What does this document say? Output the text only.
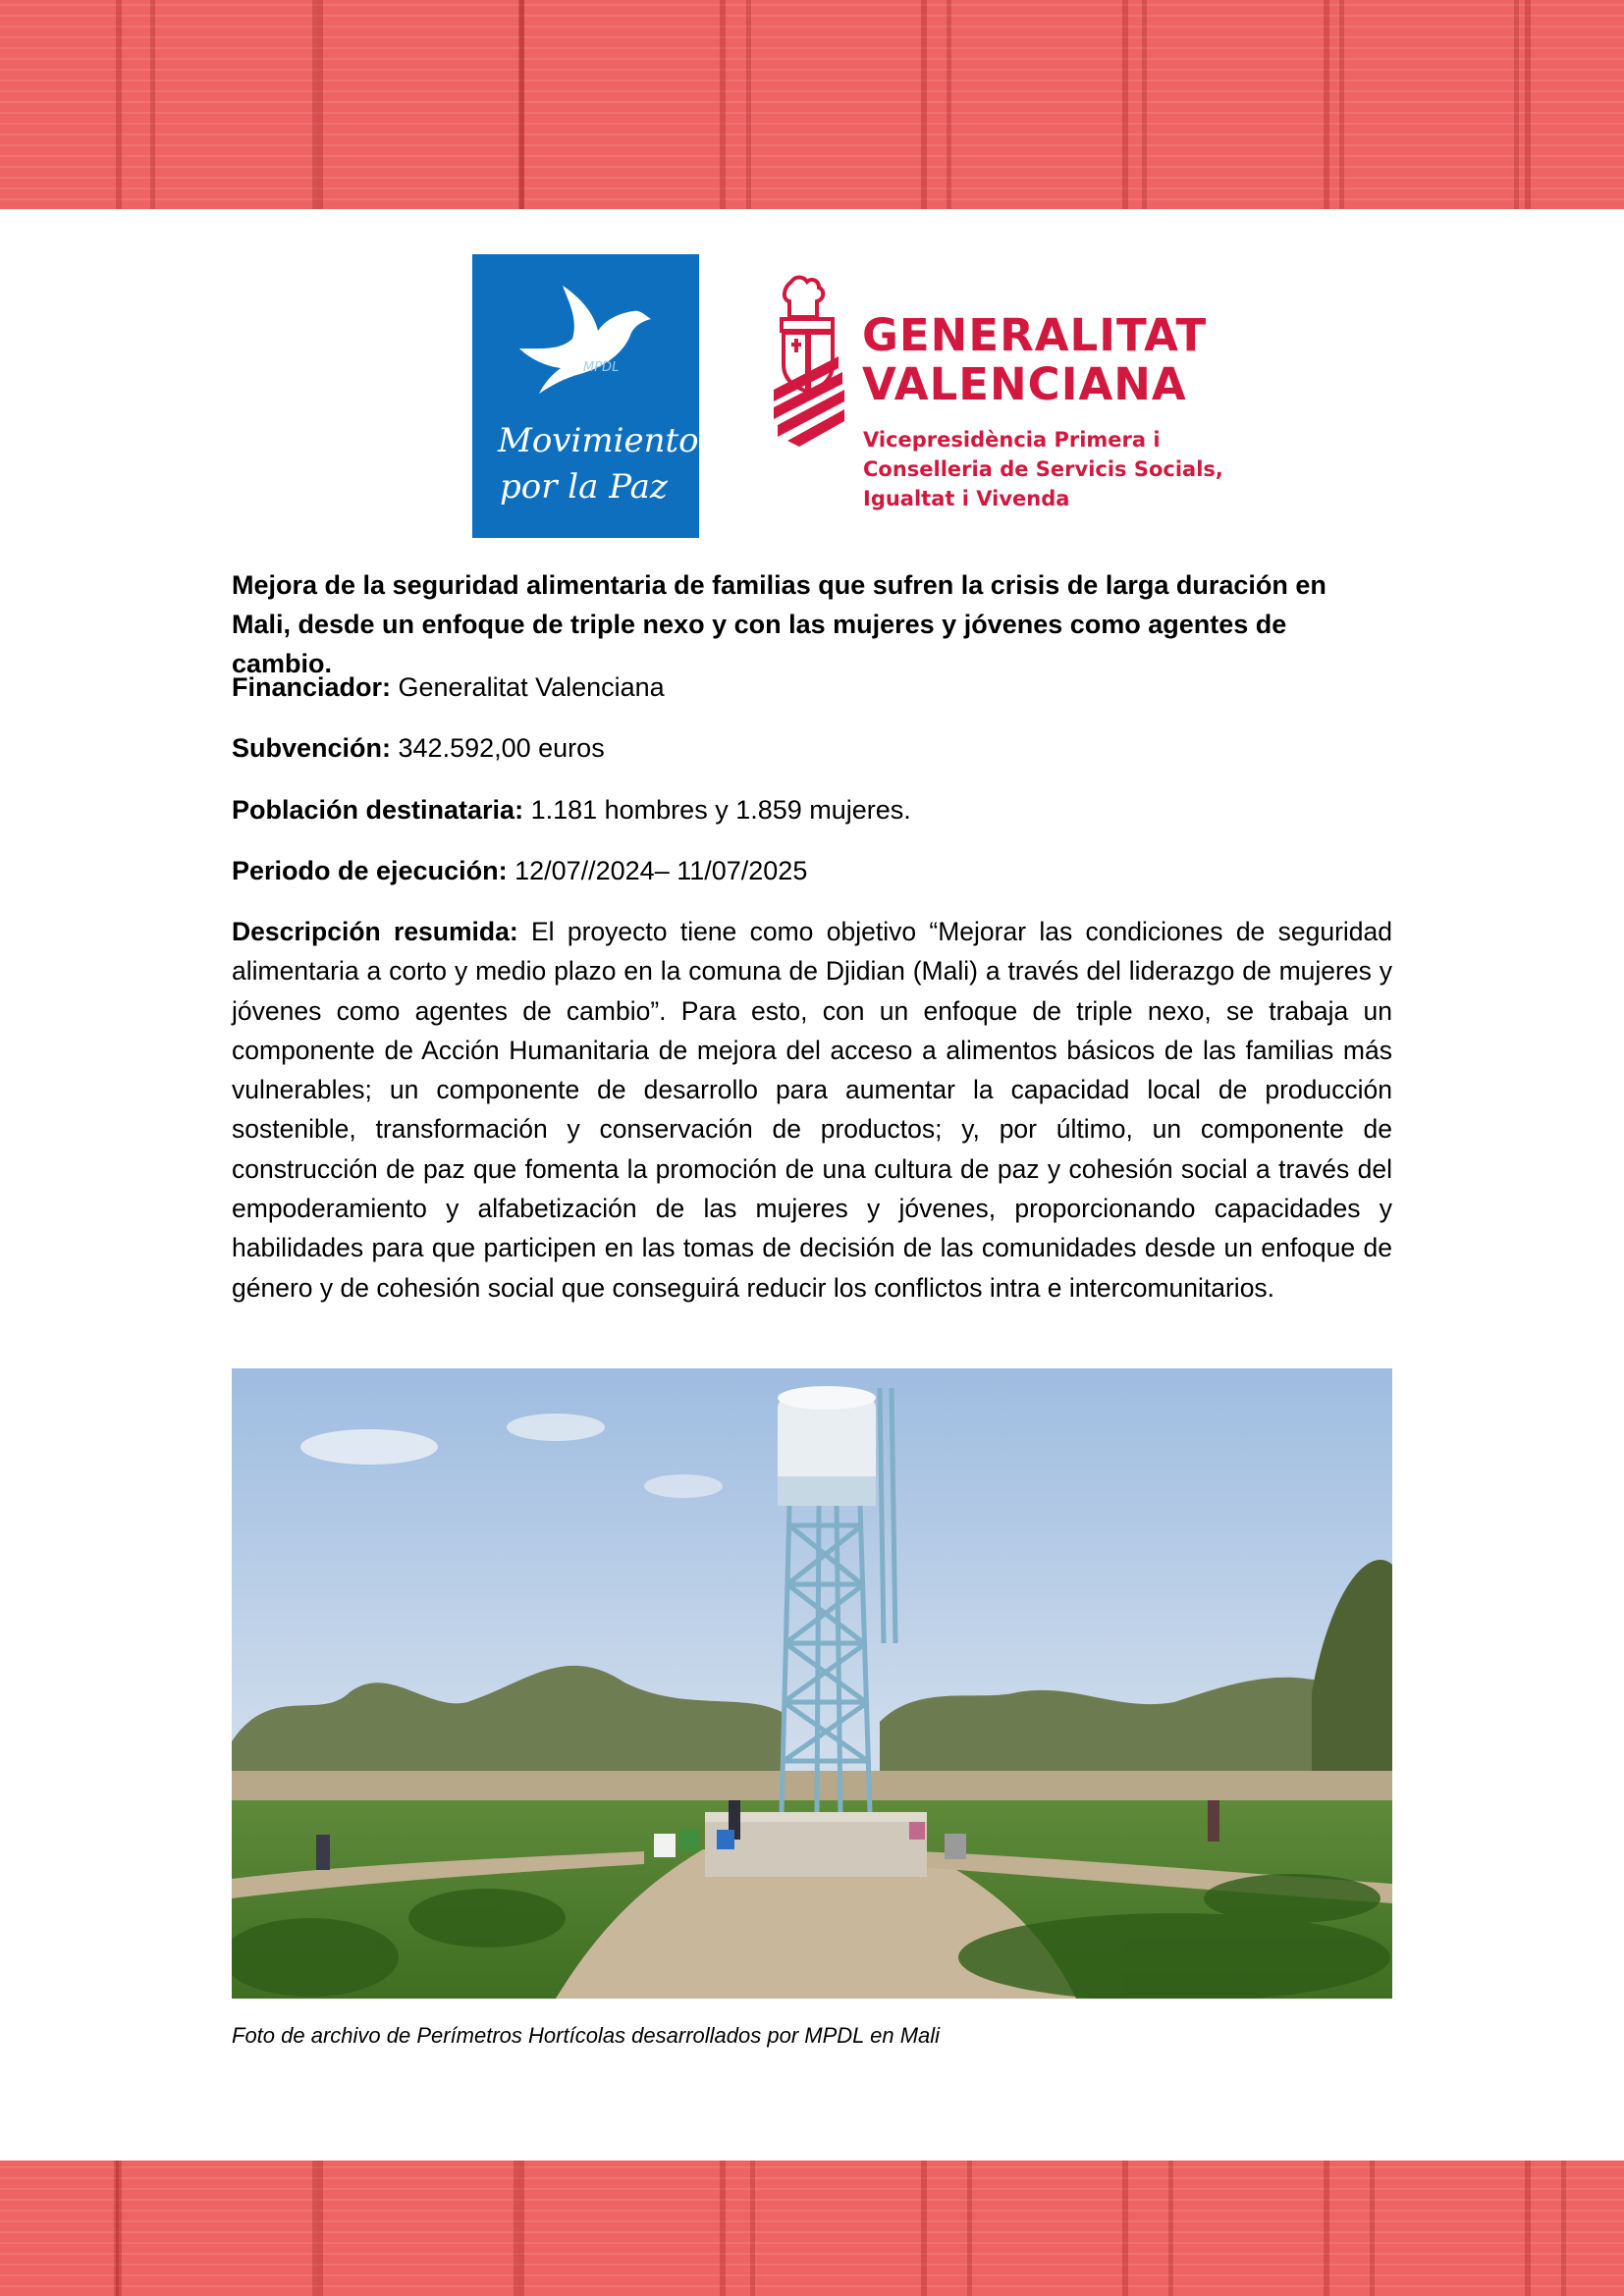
MPDL
Movimiento
por la Paz
GENERALITAT
VALENCIANA
Vicepresidència Primera i
Conselleria de Servicis Socials,
Igualtat i Vivenda
Mejora de la seguridad alimentaria de familias que sufren la crisis de larga duración en Mali, desde un enfoque de triple nexo y con las mujeres y jóvenes como agentes de cambio.
Financiador: Generalitat Valenciana
Subvención: 342.592,00 euros
Población destinataria: 1.181 hombres y 1.859 mujeres.
Periodo de ejecución: 12/07//2024– 11/07/2025
Descripción resumida: El proyecto tiene como objetivo “Mejorar las condiciones de seguridad alimentaria a corto y medio plazo en la comuna de Djidian (Mali) a través del liderazgo de mujeres y jóvenes como agentes de cambio”. Para esto, con un enfoque de triple nexo, se trabaja un componente de Acción Humanitaria de mejora del acceso a alimentos básicos de las familias más vulnerables; un componente de desarrollo para aumentar la capacidad local de producción sostenible, transformación y conservación de productos; y, por último, un componente de construcción de paz que fomenta la promoción de una cultura de paz y cohesión social a través del empoderamiento y alfabetización de las mujeres y jóvenes, proporcionando capacidades y habilidades para que participen en las tomas de decisión de las comunidades desde un enfoque de género y de cohesión social que conseguirá reducir los conflictos intra e intercomunitarios.
Foto de archivo de Perímetros Hortícolas desarrollados por MPDL en Mali
